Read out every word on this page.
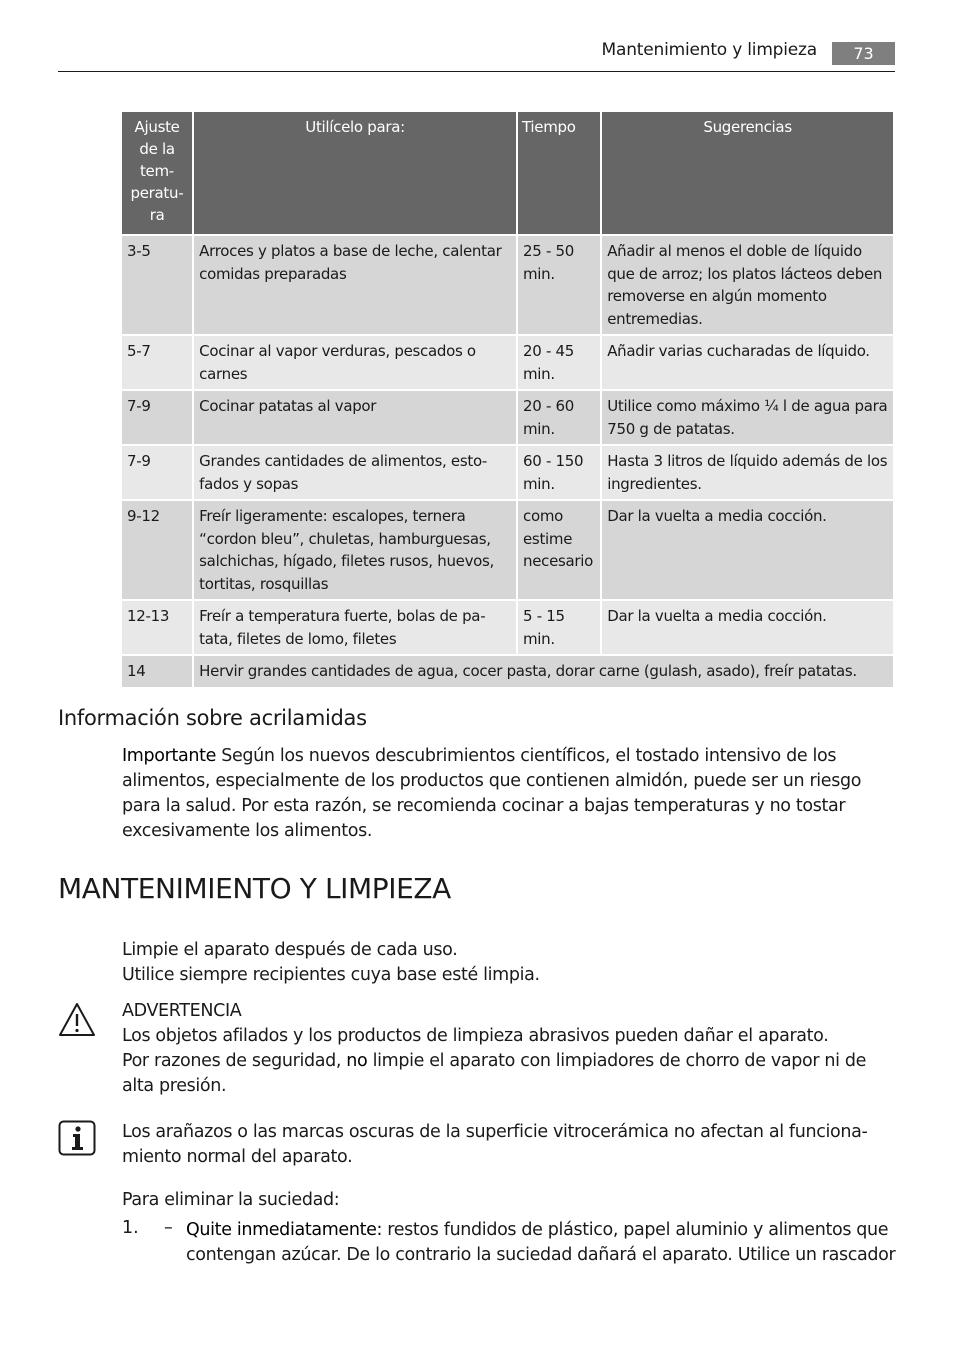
Mantenimiento y limpieza	73
Ajuste de la temperatura	Utilícelo para:	Tiempo	Sugerencias
3-5	Arroces y platos a base de leche, calentar comidas preparadas	25 - 50 min.	Añadir al menos el doble de líquido que de arroz; los platos lácteos deben removerse en algún momento entremedias.
5-7	Cocinar al vapor verduras, pescados o carnes	20 - 45 min.	Añadir varias cucharadas de líquido.
7-9	Cocinar patatas al vapor	20 - 60 min.	Utilice como máximo ¼ l de agua para 750 g de patatas.
7-9	Grandes cantidades de alimentos, estofados y sopas	60 - 150 min.	Hasta 3 litros de líquido además de los ingredientes.
9-12	Freír ligeramente: escalopes, ternera “cordon bleu”, chuletas, hamburguesas, salchichas, hígado, filetes rusos, huevos, tortitas, rosquillas	como estime necesario	Dar la vuelta a media cocción.
12-13	Freír a temperatura fuerte, bolas de patata, filetes de lomo, filetes	5 - 15 min.	Dar la vuelta a media cocción.
14	Hervir grandes cantidades de agua, cocer pasta, dorar carne (gulash, asado), freír patatas.		
Información sobre acrilamidas
Importante Según los nuevos descubrimientos científicos, el tostado intensivo de los alimentos, especialmente de los productos que contienen almidón, puede ser un riesgo para la salud. Por esta razón, se recomienda cocinar a bajas temperaturas y no tostar excesivamente los alimentos.
MANTENIMIENTO Y LIMPIEZA
Limpie el aparato después de cada uso.
Utilice siempre recipientes cuya base esté limpia.
ADVERTENCIA
Los objetos afilados y los productos de limpieza abrasivos pueden dañar el aparato.
Por razones de seguridad, no limpie el aparato con limpiadores de chorro de vapor ni de alta presión.
Los arañazos o las marcas oscuras de la superficie vitrocerámica no afectan al funcionamiento normal del aparato.
Para eliminar la suciedad:
1. – Quite inmediatamente: restos fundidos de plástico, papel aluminio y alimentos que contengan azúcar. De lo contrario la suciedad dañará el aparato. Utilice un rascador
